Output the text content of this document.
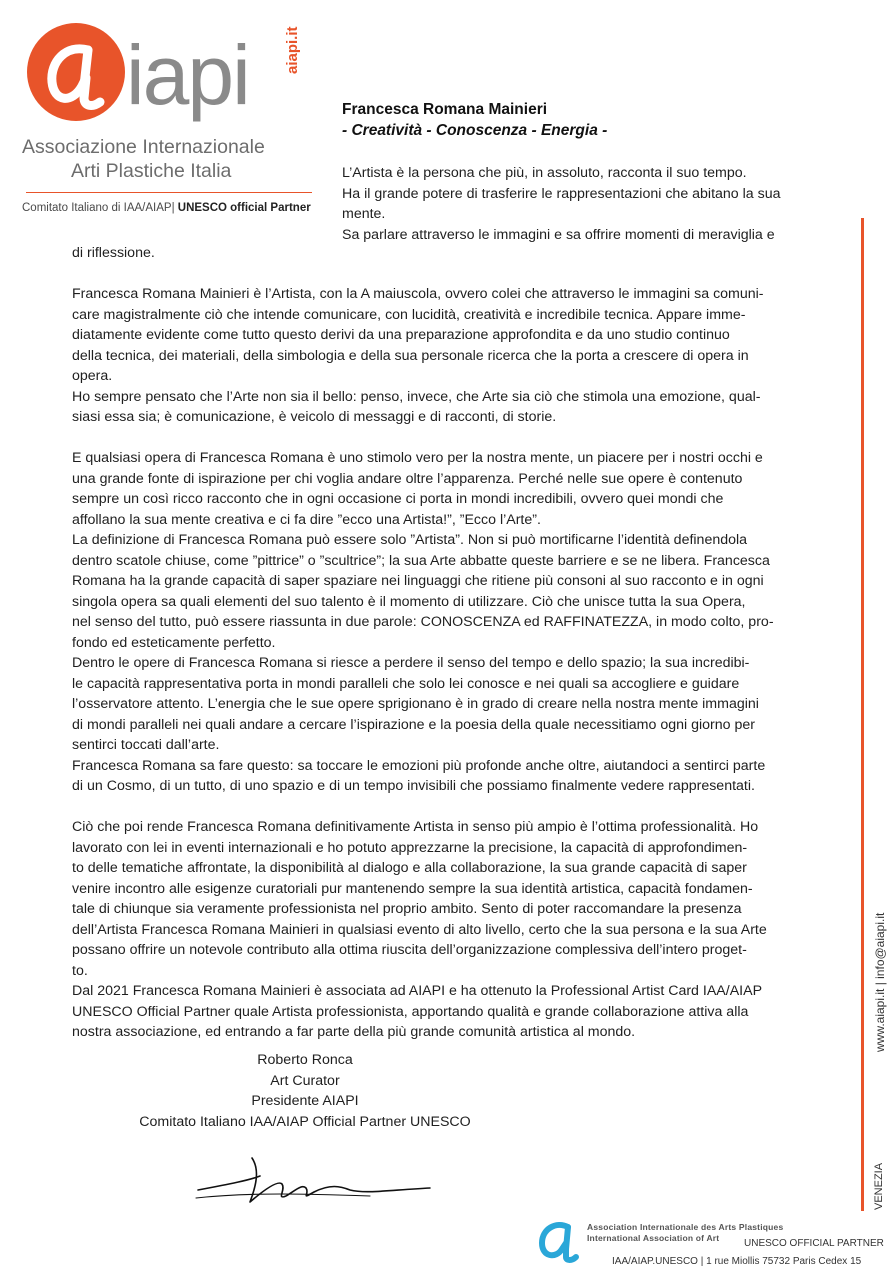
iapi aiapi.it
Associazione Internazionale
Arti Plastiche Italia
Comitato Italiano di IAA/AIAP| UNESCO official Partner
www.aiapi.it | info@aiapi.it
VENEZIA
Francesca Romana Mainieri
- Creatività - Conoscenza - Energia -
L’Artista è la persona che più, in assoluto, racconta il suo tempo.
Ha il grande potere di trasferire le rappresentazioni che abitano la sua
mente.
Sa parlare attraverso le immagini e sa offrire momenti di meraviglia e
di riflessione.
Francesca Romana Mainieri è l’Artista, con la A maiuscola, ovvero colei che attraverso le immagini sa comuni-
care magistralmente ciò che intende comunicare, con lucidità, creatività e incredibile tecnica. Appare imme-
diatamente evidente come tutto questo derivi da una preparazione approfondita e da uno studio continuo
della tecnica, dei materiali, della simbologia e della sua personale ricerca che la porta a crescere di opera in
opera.
Ho sempre pensato che l’Arte non sia il bello: penso, invece, che Arte sia ciò che stimola una emozione, qual-
siasi essa sia; è comunicazione, è veicolo di messaggi e di racconti, di storie.
E qualsiasi opera di Francesca Romana è uno stimolo vero per la nostra mente, un piacere per i nostri occhi e
una grande fonte di ispirazione per chi voglia andare oltre l’apparenza. Perché nelle sue opere è contenuto
sempre un così ricco racconto che in ogni occasione ci porta in mondi incredibili, ovvero quei mondi che
affollano la sua mente creativa e ci fa dire ”ecco una Artista!”, ”Ecco l’Arte”.
La definizione di Francesca Romana può essere solo ”Artista”. Non si può mortificarne l’identità definendola
dentro scatole chiuse, come ”pittrice” o ”scultrice”; la sua Arte abbatte queste barriere e se ne libera. Francesca
Romana ha la grande capacità di saper spaziare nei linguaggi che ritiene più consoni al suo racconto e in ogni
singola opera sa quali elementi del suo talento è il momento di utilizzare. Ciò che unisce tutta la sua Opera,
nel senso del tutto, può essere riassunta in due parole: CONOSCENZA ed RAFFINATEZZA, in modo colto, pro-
fondo ed esteticamente perfetto.
Dentro le opere di Francesca Romana si riesce a perdere il senso del tempo e dello spazio; la sua incredibi-
le capacità rappresentativa porta in mondi paralleli che solo lei conosce e nei quali sa accogliere e guidare
l’osservatore attento. L’energia che le sue opere sprigionano è in grado di creare nella nostra mente immagini
di mondi paralleli nei quali andare a cercare l’ispirazione e la poesia della quale necessitiamo ogni giorno per
sentirci toccati dall’arte.
Francesca Romana sa fare questo: sa toccare le emozioni più profonde anche oltre, aiutandoci a sentirci parte
di un Cosmo, di un tutto, di uno spazio e di un tempo invisibili che possiamo finalmente vedere rappresentati.
Ciò che poi rende Francesca Romana definitivamente Artista in senso più ampio è l’ottima professionalità. Ho
lavorato con lei in eventi internazionali e ho potuto apprezzarne la precisione, la capacità di approfondimen-
to delle tematiche affrontate, la disponibilità al dialogo e alla collaborazione, la sua grande capacità di saper
venire incontro alle esigenze curatoriali pur mantenendo sempre la sua identità artistica, capacità fondamen-
tale di chiunque sia veramente professionista nel proprio ambito. Sento di poter raccomandare la presenza
dell’Artista Francesca Romana Mainieri in qualsiasi evento di alto livello, certo che la sua persona e la sua Arte
possano offrire un notevole contributo alla ottima riuscita dell’organizzazione complessiva dell’intero proget-
to.
Dal 2021 Francesca Romana Mainieri è associata ad AIAPI e ha ottenuto la Professional Artist Card IAA/AIAP
UNESCO Official Partner quale Artista professionista, apportando qualità e grande collaborazione attiva alla
nostra associazione, ed entrando a far parte della più grande comunità artistica al mondo.
Roberto Ronca
Art Curator
Presidente AIAPI
Comitato Italiano IAA/AIAP Official Partner UNESCO
Association Internationale des Arts Plastiques
International Association of Art UNESCO OFFICIAL PARTNER
IAA/AIAP.UNESCO | 1 rue Miollis 75732 Paris Cedex 15
